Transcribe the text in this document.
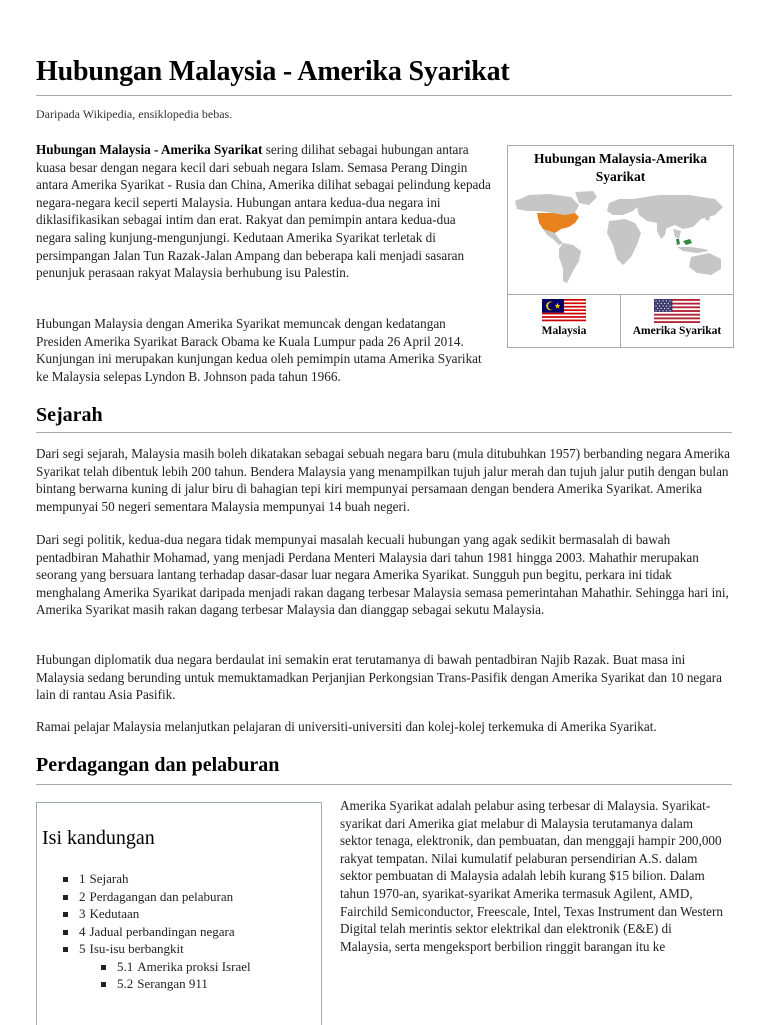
Hubungan Malaysia - Amerika Syarikat
Daripada Wikipedia, ensiklopedia bebas.

Hubungan Malaysia - Amerika Syarikat sering dilihat sebagai hubungan antara kuasa besar dengan negara kecil dari sebuah negara Islam. Semasa Perang Dingin antara Amerika Syarikat - Rusia dan China, Amerika dilihat sebagai pelindung kepada negara-negara kecil seperti Malaysia. Hubungan antara kedua-dua negara ini diklasifikasikan sebagai intim dan erat. Rakyat dan pemimpin antara kedua-dua negara saling kunjung-mengunjungi. Kedutaan Amerika Syarikat terletak di persimpangan Jalan Tun Razak-Jalan Ampang dan beberapa kali menjadi sasaran penunjuk perasaan rakyat Malaysia berhubung isu Palestin.

Hubungan Malaysia dengan Amerika Syarikat memuncak dengan kedatangan Presiden Amerika Syarikat Barack Obama ke Kuala Lumpur pada 26 April 2014. Kunjungan ini merupakan kunjungan kedua oleh pemimpin utama Amerika Syarikat ke Malaysia selepas Lyndon B. Johnson pada tahun 1966.

Hubungan Malaysia-Amerika Syarikat
Malaysia	Amerika Syarikat
Sejarah

Dari segi sejarah, Malaysia masih boleh dikatakan sebagai sebuah negara baru (mula ditubuhkan 1957) berbanding negara Amerika Syarikat telah dibentuk lebih 200 tahun. Bendera Malaysia yang menampilkan tujuh jalur merah dan tujuh jalur putih dengan bulan bintang berwarna kuning di jalur biru di bahagian tepi kiri mempunyai persamaan dengan bendera Amerika Syarikat. Amerika mempunyai 50 negeri sementara Malaysia mempunyai 14 buah negeri.

Dari segi politik, kedua-dua negara tidak mempunyai masalah kecuali hubungan yang agak sedikit bermasalah di bawah pentadbiran Mahathir Mohamad, yang menjadi Perdana Menteri Malaysia dari tahun 1981 hingga 2003. Mahathir merupakan seorang yang bersuara lantang terhadap dasar-dasar luar negara Amerika Syarikat. Sungguh pun begitu, perkara ini tidak menghalang Amerika Syarikat daripada menjadi rakan dagang terbesar Malaysia semasa pemerintahan Mahathir. Sehingga hari ini, Amerika Syarikat masih rakan dagang terbesar Malaysia dan dianggap sebagai sekutu Malaysia.

Hubungan diplomatik dua negara berdaulat ini semakin erat terutamanya di bawah pentadbiran Najib Razak. Buat masa ini Malaysia sedang berunding untuk memuktamadkan Perjanjian Perkongsian Trans-Pasifik dengan Amerika Syarikat dan 10 negara lain di rantau Asia Pasifik.

Ramai pelajar Malaysia melanjutkan pelajaran di universiti-universiti dan kolej-kolej terkemuka di Amerika Syarikat.

Perdagangan dan pelaburan

Amerika Syarikat adalah pelabur asing terbesar di Malaysia. Syarikat-syarikat dari Amerika giat melabur di Malaysia terutamanya dalam sektor tenaga, elektronik, dan pembuatan, dan menggaji hampir 200,000 rakyat tempatan. Nilai kumulatif pelaburan persendirian A.S. dalam sektor pembuatan di Malaysia adalah lebih kurang $15 bilion. Dalam tahun 1970-an, syarikat-syarikat Amerika termasuk Agilent, AMD, Fairchild Semiconductor, Freescale, Intel, Texas Instrument dan Western Digital telah merintis sektor elektrikal dan elektronik (E&E) di Malaysia, serta mengeksport berbilion ringgit barangan itu ke

Isi kandungan
1 Sejarah
2 Perdagangan dan pelaburan
3 Kedutaan
4 Jadual perbandingan negara
5 Isu-isu berbangkit
5.1 Amerika proksi Israel
5.2 Serangan 911
